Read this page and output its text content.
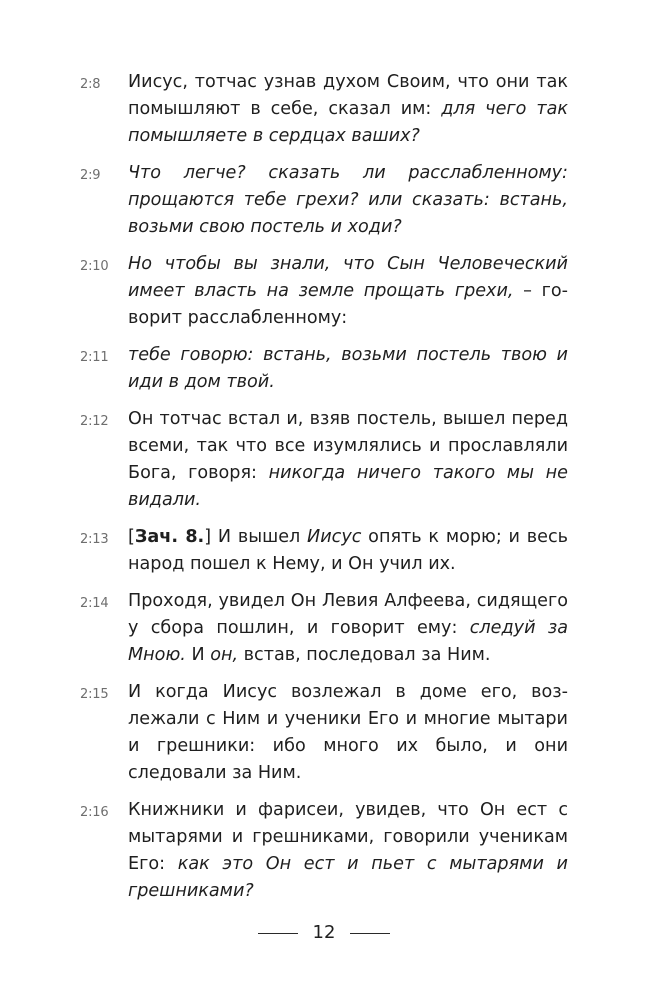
2:8 Иисус, тотчас узнав духом Своим, что они так помышляют в себе, сказал им: для чего так помышляете в сердцах ваших?
2:9 Что легче? сказать ли расслабленному: прощаются тебе грехи? или сказать: встань, возьми свою постель и ходи?
2:10 Но чтобы вы знали, что Сын Человеческий имеет власть на земле прощать грехи, – говорит расслабленному:
2:11 тебе говорю: встань, возьми постель твою и иди в дом твой.
2:12 Он тотчас встал и, взяв постель, вышел перед всеми, так что все изумлялись и прославляли Бога, говоря: никогда ничего такого мы не видали.
2:13 [Зач. 8.] И вышел Иисус опять к морю; и весь народ пошел к Нему, и Он учил их.
2:14 Проходя, увидел Он Левия Алфеева, сидящего у сбора пошлин, и говорит ему: следуй за Мною. И он, встав, последовал за Ним.
2:15 И когда Иисус возлежал в доме его, возлежали с Ним и ученики Его и многие мытари и грешники: ибо много их было, и они следовали за Ним.
2:16 Книжники и фарисеи, увидев, что Он ест с мытарями и грешниками, говорили ученикам Его: как это Он ест и пьет с мытарями и грешниками?
12
